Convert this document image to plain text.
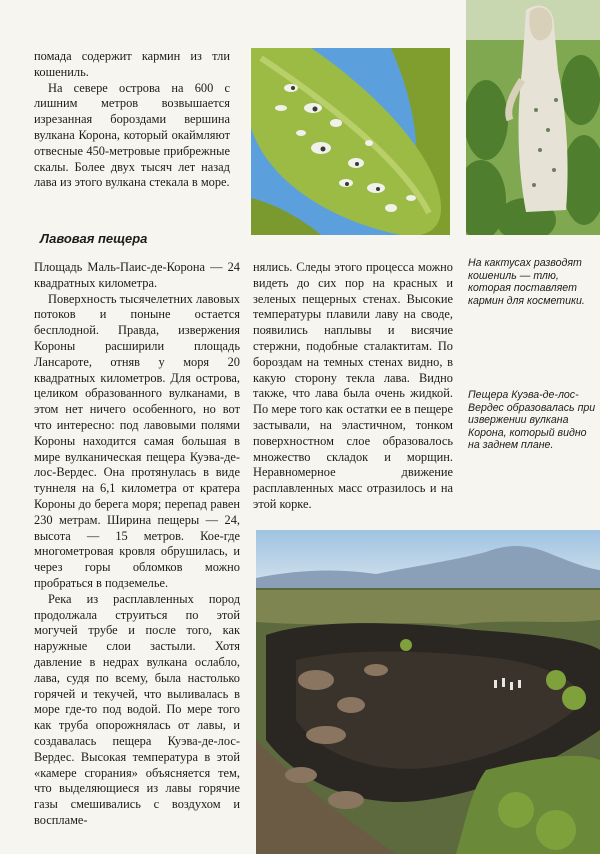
помада содержит кармин из тли кошениль.

На севере острова на 600 с лишним метров возвышается изрезанная бороздами вершина вулкана Корона, который окаймляют отвесные 450-метровые прибрежные скалы. Более двух тысяч лет назад лава из этого вулкана стекала в море.

Лавовая пещера

Площадь Маль-Паис-де-Корона — 24 квадратных километра.

Поверхность тысячелетних лавовых потоков и поныне остается бесплодной. Правда, извержения Короны расширили площадь Лансароте, отняв у моря 20 квадратных километров. Для острова, целиком образованного вулканами, в этом нет ничего особенного, но вот что интересно: под лавовыми полями Короны находится самая большая в мире вулканическая пещера Куэва-де-лос-Вердес. Она протянулась в виде туннеля на 6,1 километра от кратера Короны до берега моря; перепад равен 230 метрам. Ширина пещеры — 24, высота — 15 метров. Кое-где многометровая кровля обрушилась, и через горы обломков можно пробраться в подземелье.

Река из расплавленных пород продолжала струиться по этой могучей трубе и после того, как наружные слои застыли. Хотя давление в недрах вулкана ослабло, лава, судя по всему, была настолько горячей и текучей, что выливалась в море где-то под водой. По мере того как труба опорожнялась от лавы, и создавалась пещера Куэва-де-лос-Вердес. Высокая температура в этой «камере сгорания» объясняется тем, что выделяющиеся из лавы горячие газы смешивались с воздухом и воспламе-

нялись. Следы этого процесса можно видеть до сих пор на красных и зеленых пещерных стенах. Высокие температуры плавили лаву на своде, появились наплывы и висячие стержни, подобные сталактитам. По бороздам на темных стенах видно, в какую сторону текла лава. Видно также, что лава была очень жидкой. По мере того как остатки ее в пещере застывали, на эластичном, тонком поверхностном слое образовалось множество складок и морщин. Неравномерное движение расплавленных масс отразилось и на этой корке.

На кактусах разводят кошениль — тлю, которая поставляет кармин для косметики.
Пещера Куэва-де-лос-Вердес образовалась при извержении вулкана Корона, который видно на заднем плане.
